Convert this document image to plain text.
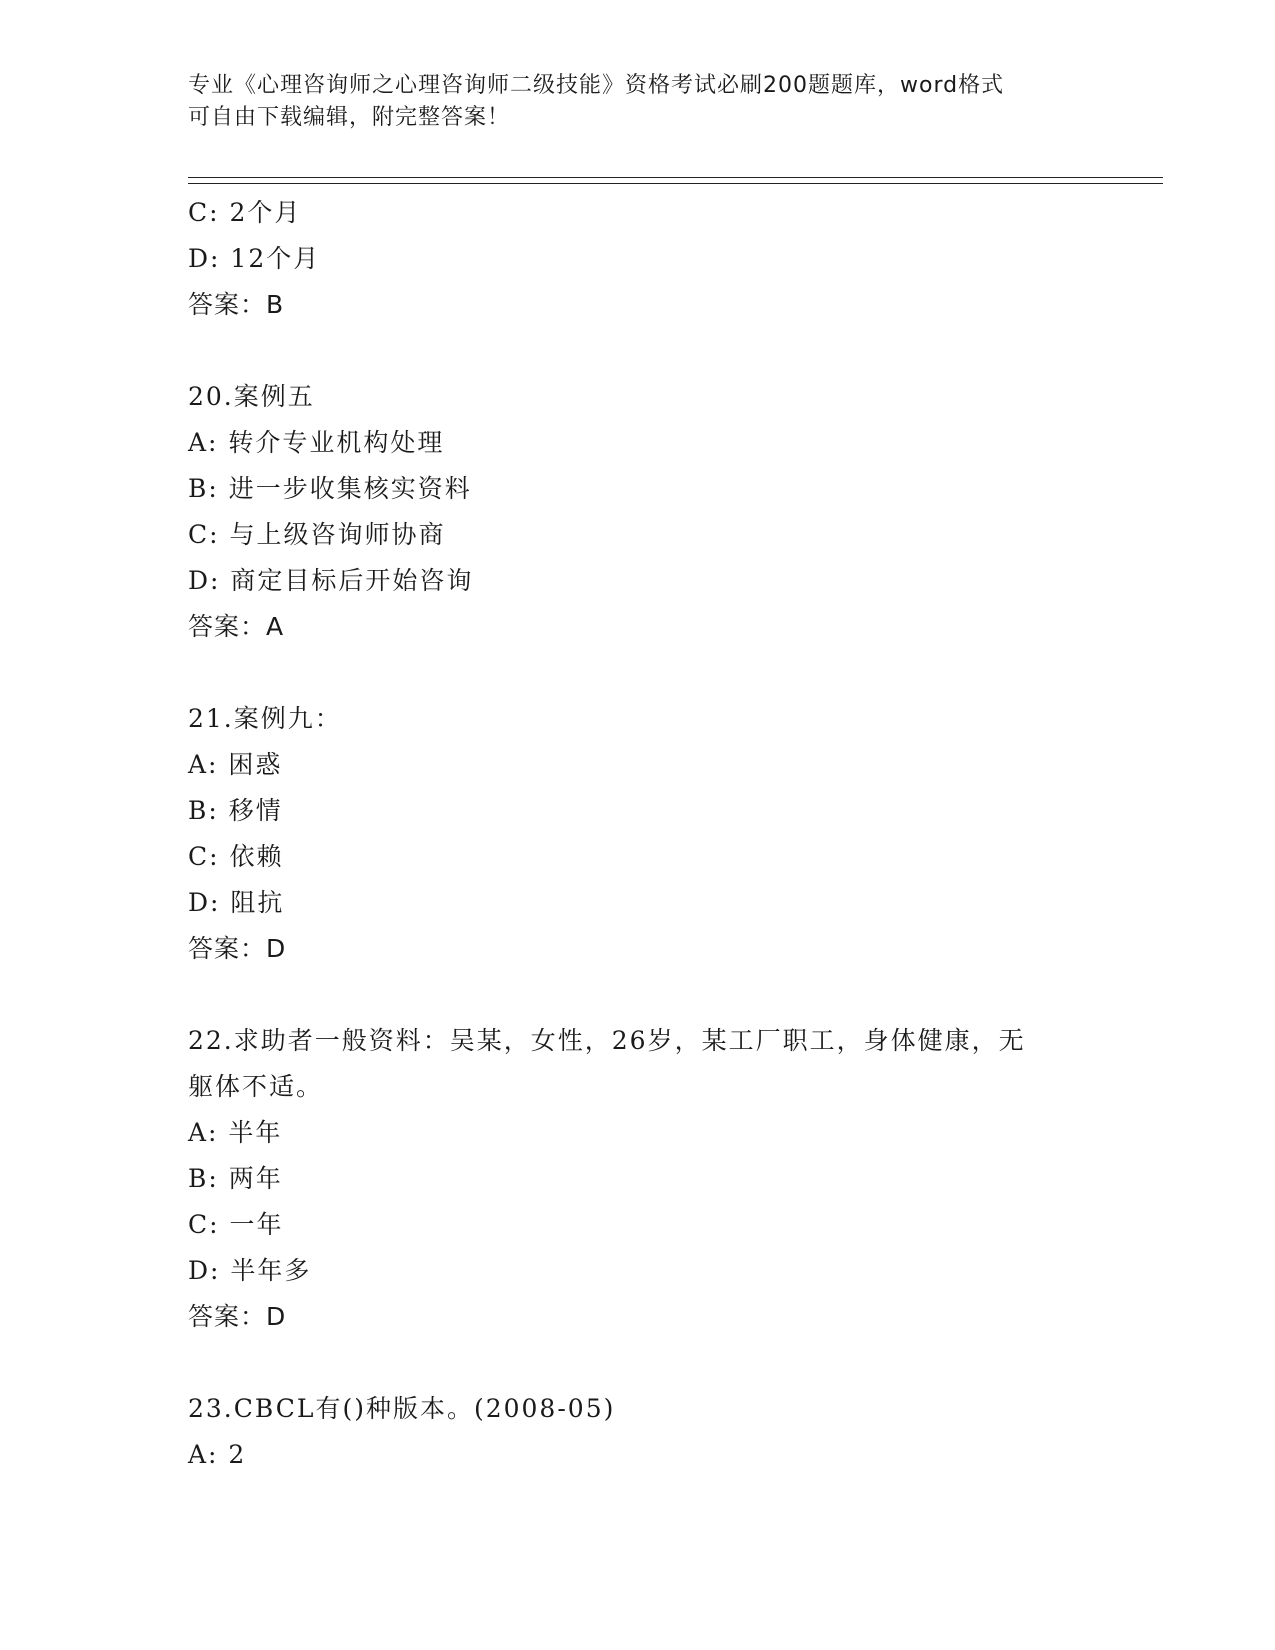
专业《心理咨询师之心理咨询师二级技能》资格考试必刷200题题库，word格式
可自由下载编辑，附完整答案！
C: 2个月
D: 12个月
答案：B
20.案例五
A: 转介专业机构处理
B: 进一步收集核实资料
C: 与上级咨询师协商
D: 商定目标后开始咨询
答案：A
21.案例九：
A: 困惑
B: 移情
C: 依赖
D: 阻抗
答案：D
22.求助者一般资料：吴某，女性，26岁，某工厂职工，身体健康，无
躯体不适。
A: 半年
B: 两年
C: 一年
D: 半年多
答案：D
23.CBCL有()种版本。(2008-05)
A: 2
